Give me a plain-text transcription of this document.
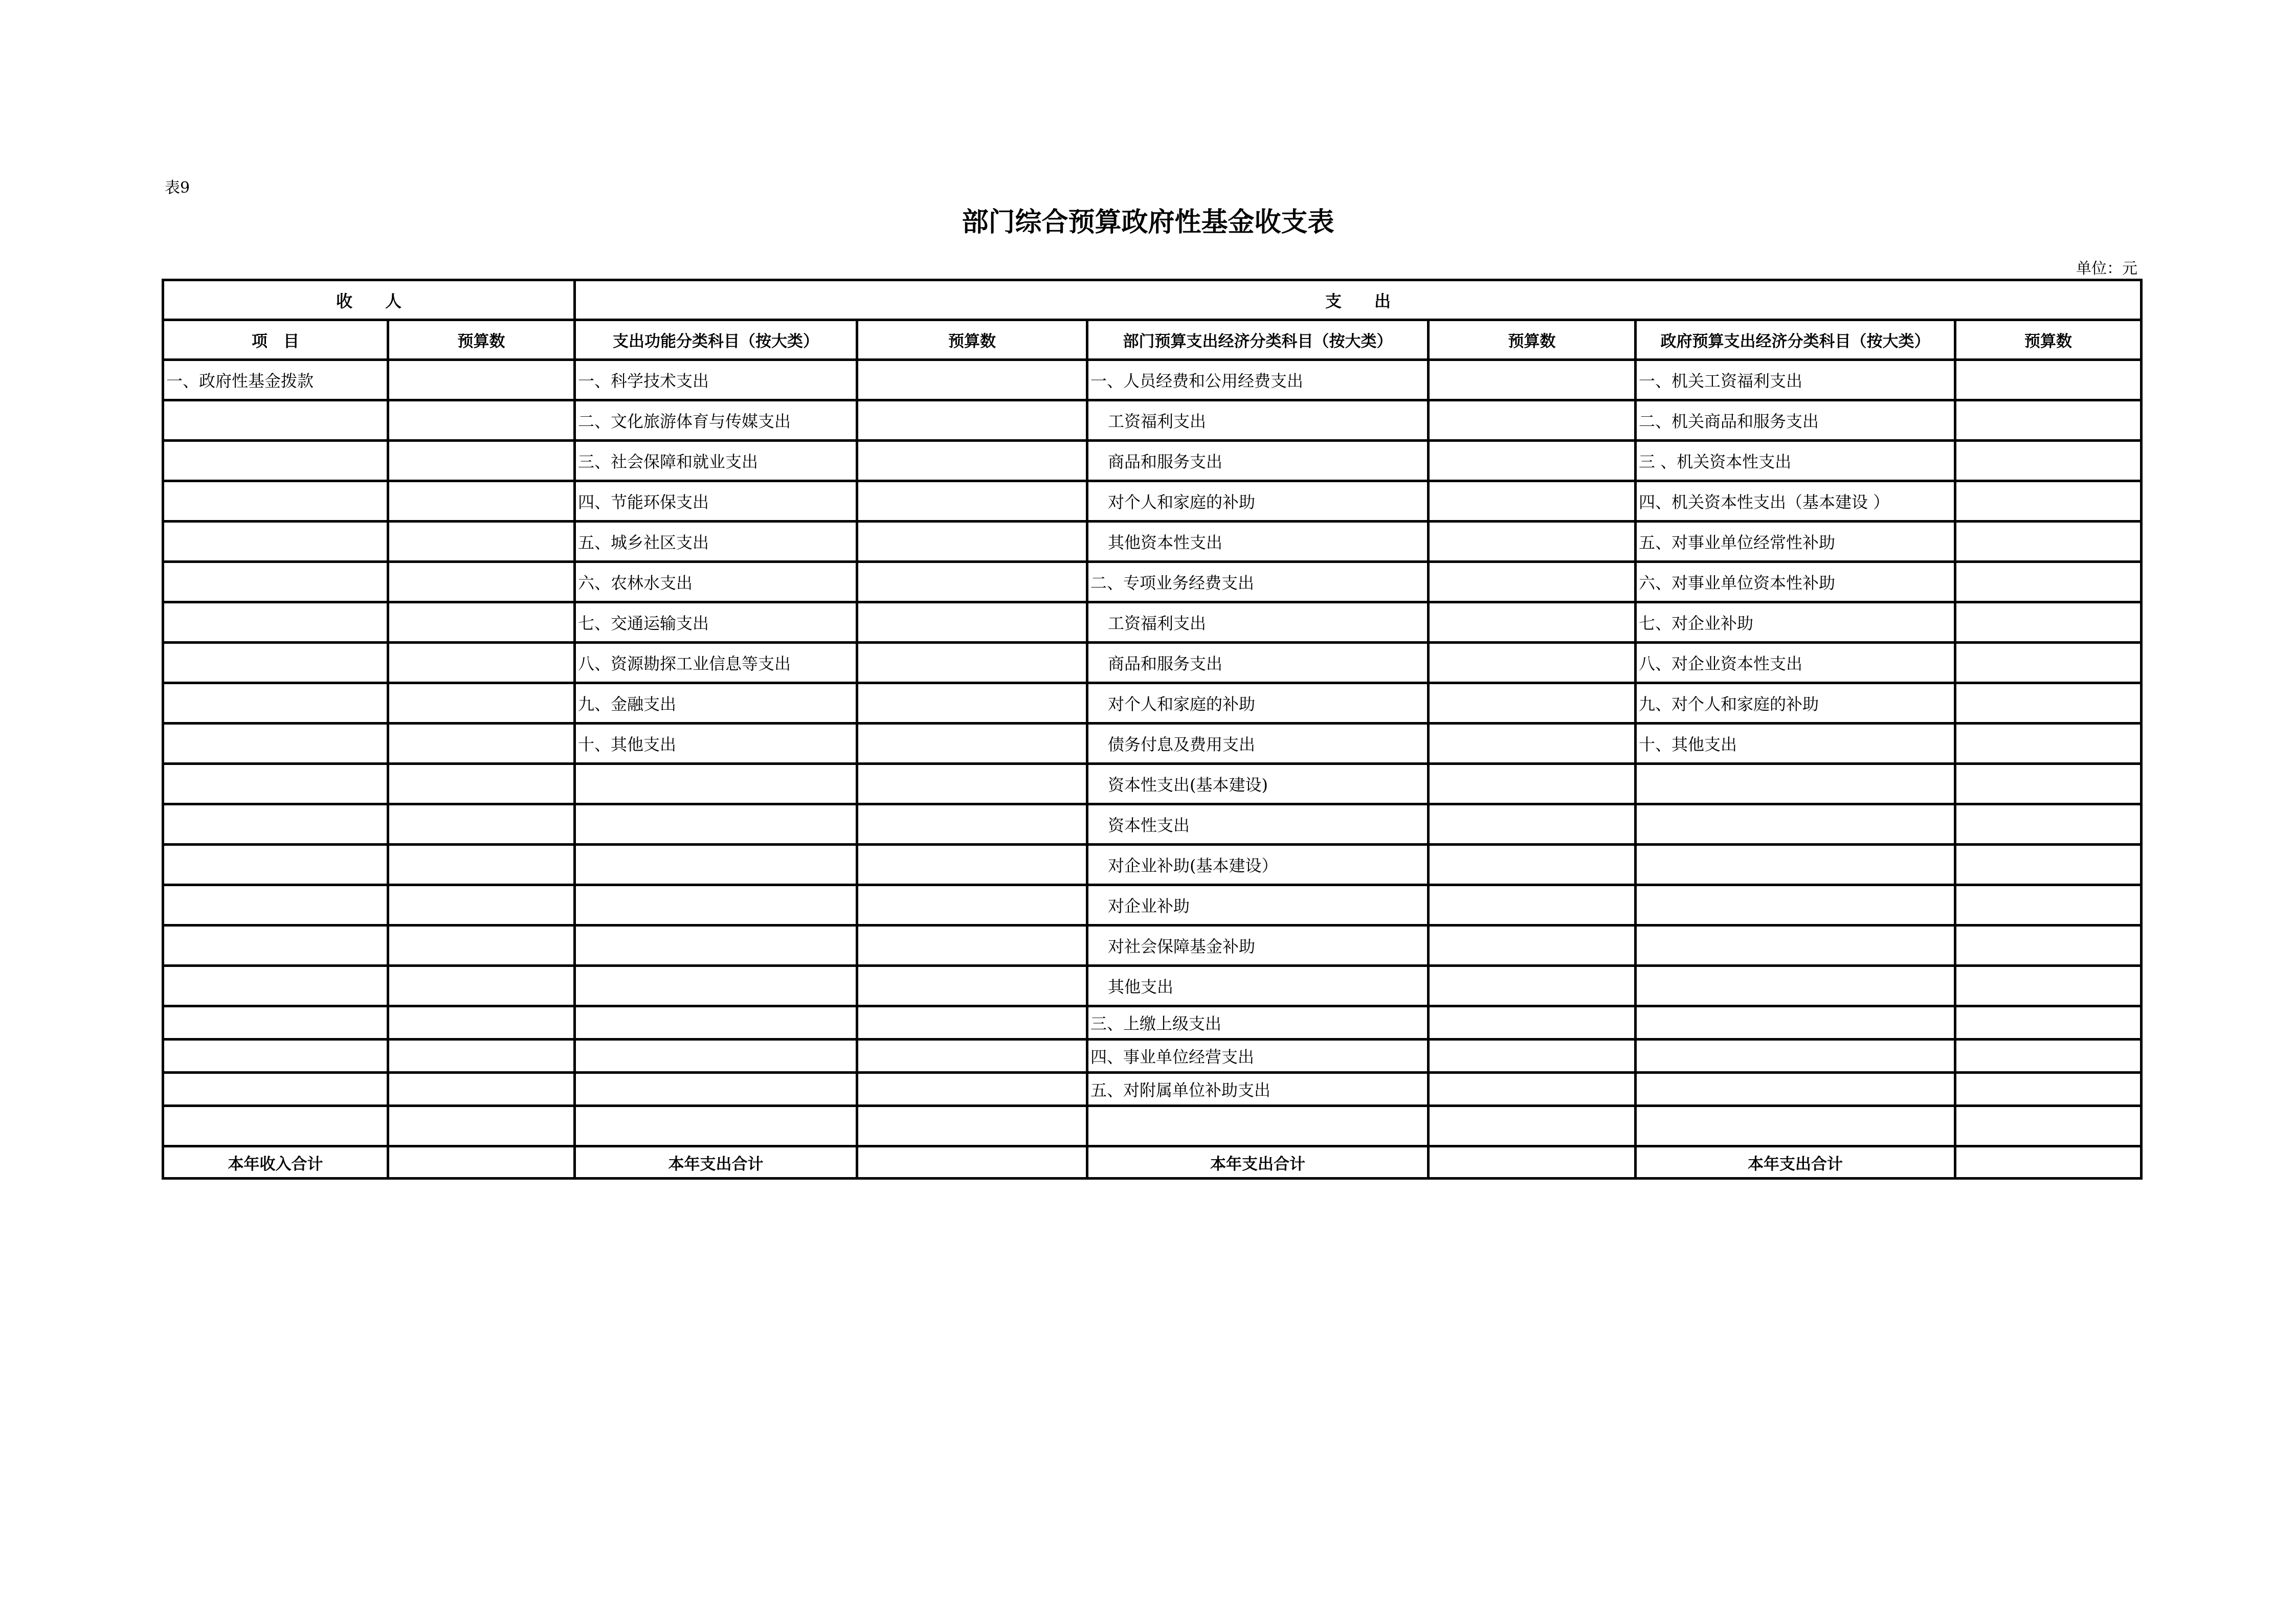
表9
部门综合预算政府性基金收支表
单位：元
收　　人		支　　出					
项　目	预算数	支出功能分类科目（按大类）	预算数	部门预算支出经济分类科目（按大类）	预算数	政府预算支出经济分类科目（按大类）	预算数
一、政府性基金拨款		一、科学技术支出		一、人员经费和公用经费支出		一、机关工资福利支出	
		二、文化旅游体育与传媒支出		工资福利支出		二、机关商品和服务支出	
		三、社会保障和就业支出		商品和服务支出		三 、机关资本性支出	
		四、节能环保支出		对个人和家庭的补助		四、机关资本性支出（基本建设 ）	
		五、城乡社区支出		其他资本性支出		五、对事业单位经常性补助	
		六、农林水支出		二、专项业务经费支出		六、对事业单位资本性补助	
		七、交通运输支出		工资福利支出		七、对企业补助	
		八、资源勘探工业信息等支出		商品和服务支出		八、对企业资本性支出	
		九、金融支出		对个人和家庭的补助		九、对个人和家庭的补助	
		十、其他支出		债务付息及费用支出		十、其他支出	
				资本性支出(基本建设)			
				资本性支出			
				对企业补助(基本建设）			
				对企业补助			
				对社会保障基金补助			
				其他支出			
				三、上缴上级支出			
				四、事业单位经营支出			
				五、对附属单位补助支出			

本年收入合计		本年支出合计		本年支出合计		本年支出合计	
